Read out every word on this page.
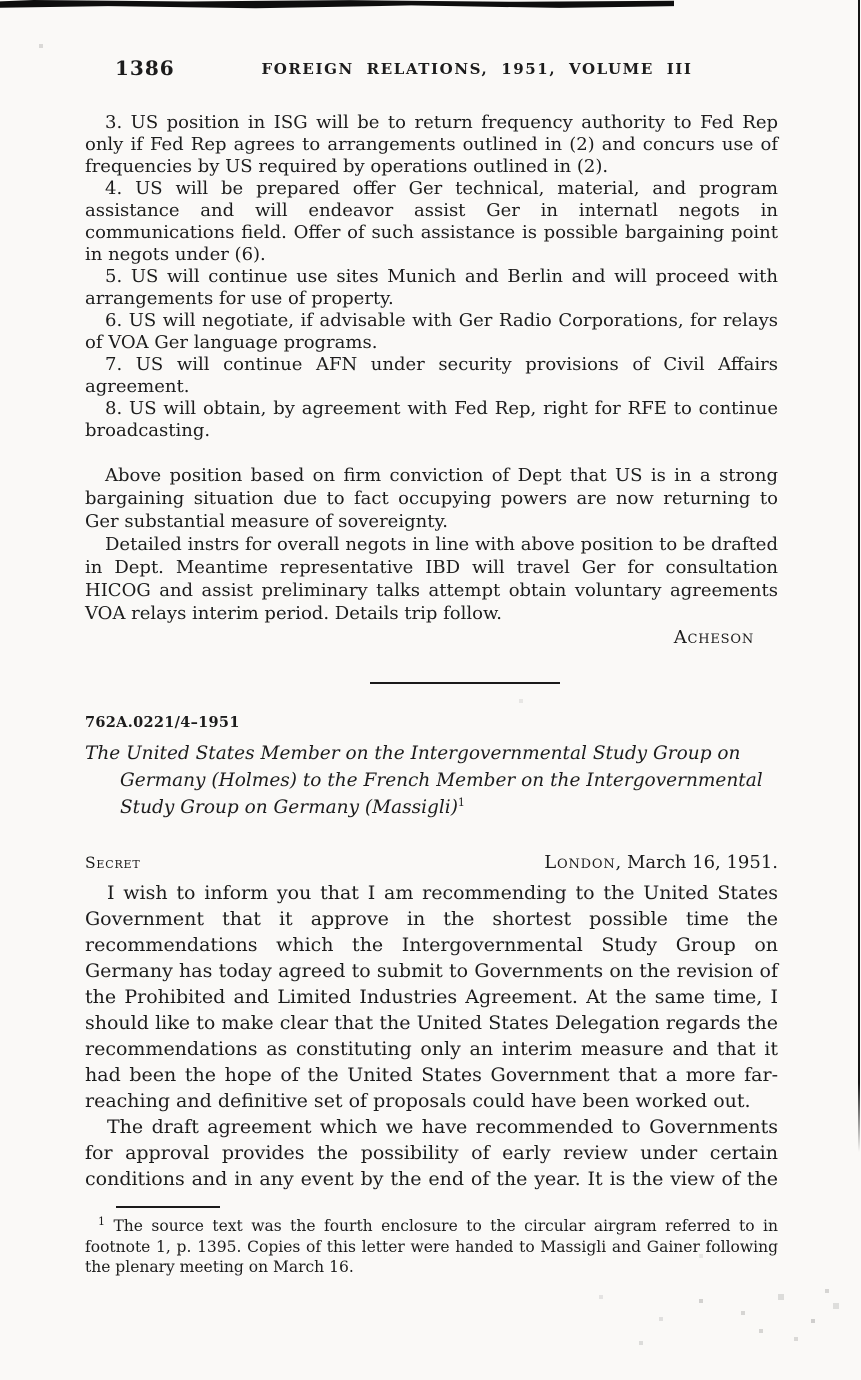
1386	FOREIGN RELATIONS, 1951, VOLUME III

3. US position in ISG will be to return frequency authority to Fed Rep only if Fed Rep agrees to arrangements outlined in (2) and concurs use of frequencies by US required by operations outlined in (2).

4. US will be prepared offer Ger technical, material, and program assistance and will endeavor assist Ger in internatl negots in communications field. Offer of such assistance is possible bargaining point in negots under (6).

5. US will continue use sites Munich and Berlin and will proceed with arrangements for use of property.

6. US will negotiate, if advisable with Ger Radio Corporations, for relays of VOA Ger language programs.

7. US will continue AFN under security provisions of Civil Affairs agreement.

8. US will obtain, by agreement with Fed Rep, right for RFE to continue broadcasting.

Above position based on firm conviction of Dept that US is in a strong bargaining situation due to fact occupying powers are now returning to Ger substantial measure of sovereignty.

Detailed instrs for overall negots in line with above position to be drafted in Dept. Meantime representative IBD will travel Ger for consultation HICOG and assist preliminary talks attempt obtain voluntary agreements VOA relays interim period. Details trip follow.

Acheson
762A.0221/4–1951
The United States Member on the Intergovernmental Study Group on
Germany (Holmes) to the French Member on the Intergovernmental
Study Group on Germany (Massigli)$^1$
Secret	London, March 16, 1951.

I wish to inform you that I am recommending to the United States Government that it approve in the shortest possible time the recommendations which the Intergovernmental Study Group on Germany has today agreed to submit to Governments on the revision of the Prohibited and Limited Industries Agreement. At the same time, I should like to make clear that the United States Delegation regards the recommendations as constituting only an interim measure and that it had been the hope of the United States Government that a more far-reaching and definitive set of proposals could have been worked out.

The draft agreement which we have recommended to Governments for approval provides the possibility of early review under certain conditions and in any event by the end of the year. It is the view of the

$^1$ The source text was the fourth enclosure to the circular airgram referred to in footnote 1, p. 1395. Copies of this letter were handed to Massigli and Gainer following the plenary meeting on March 16.
